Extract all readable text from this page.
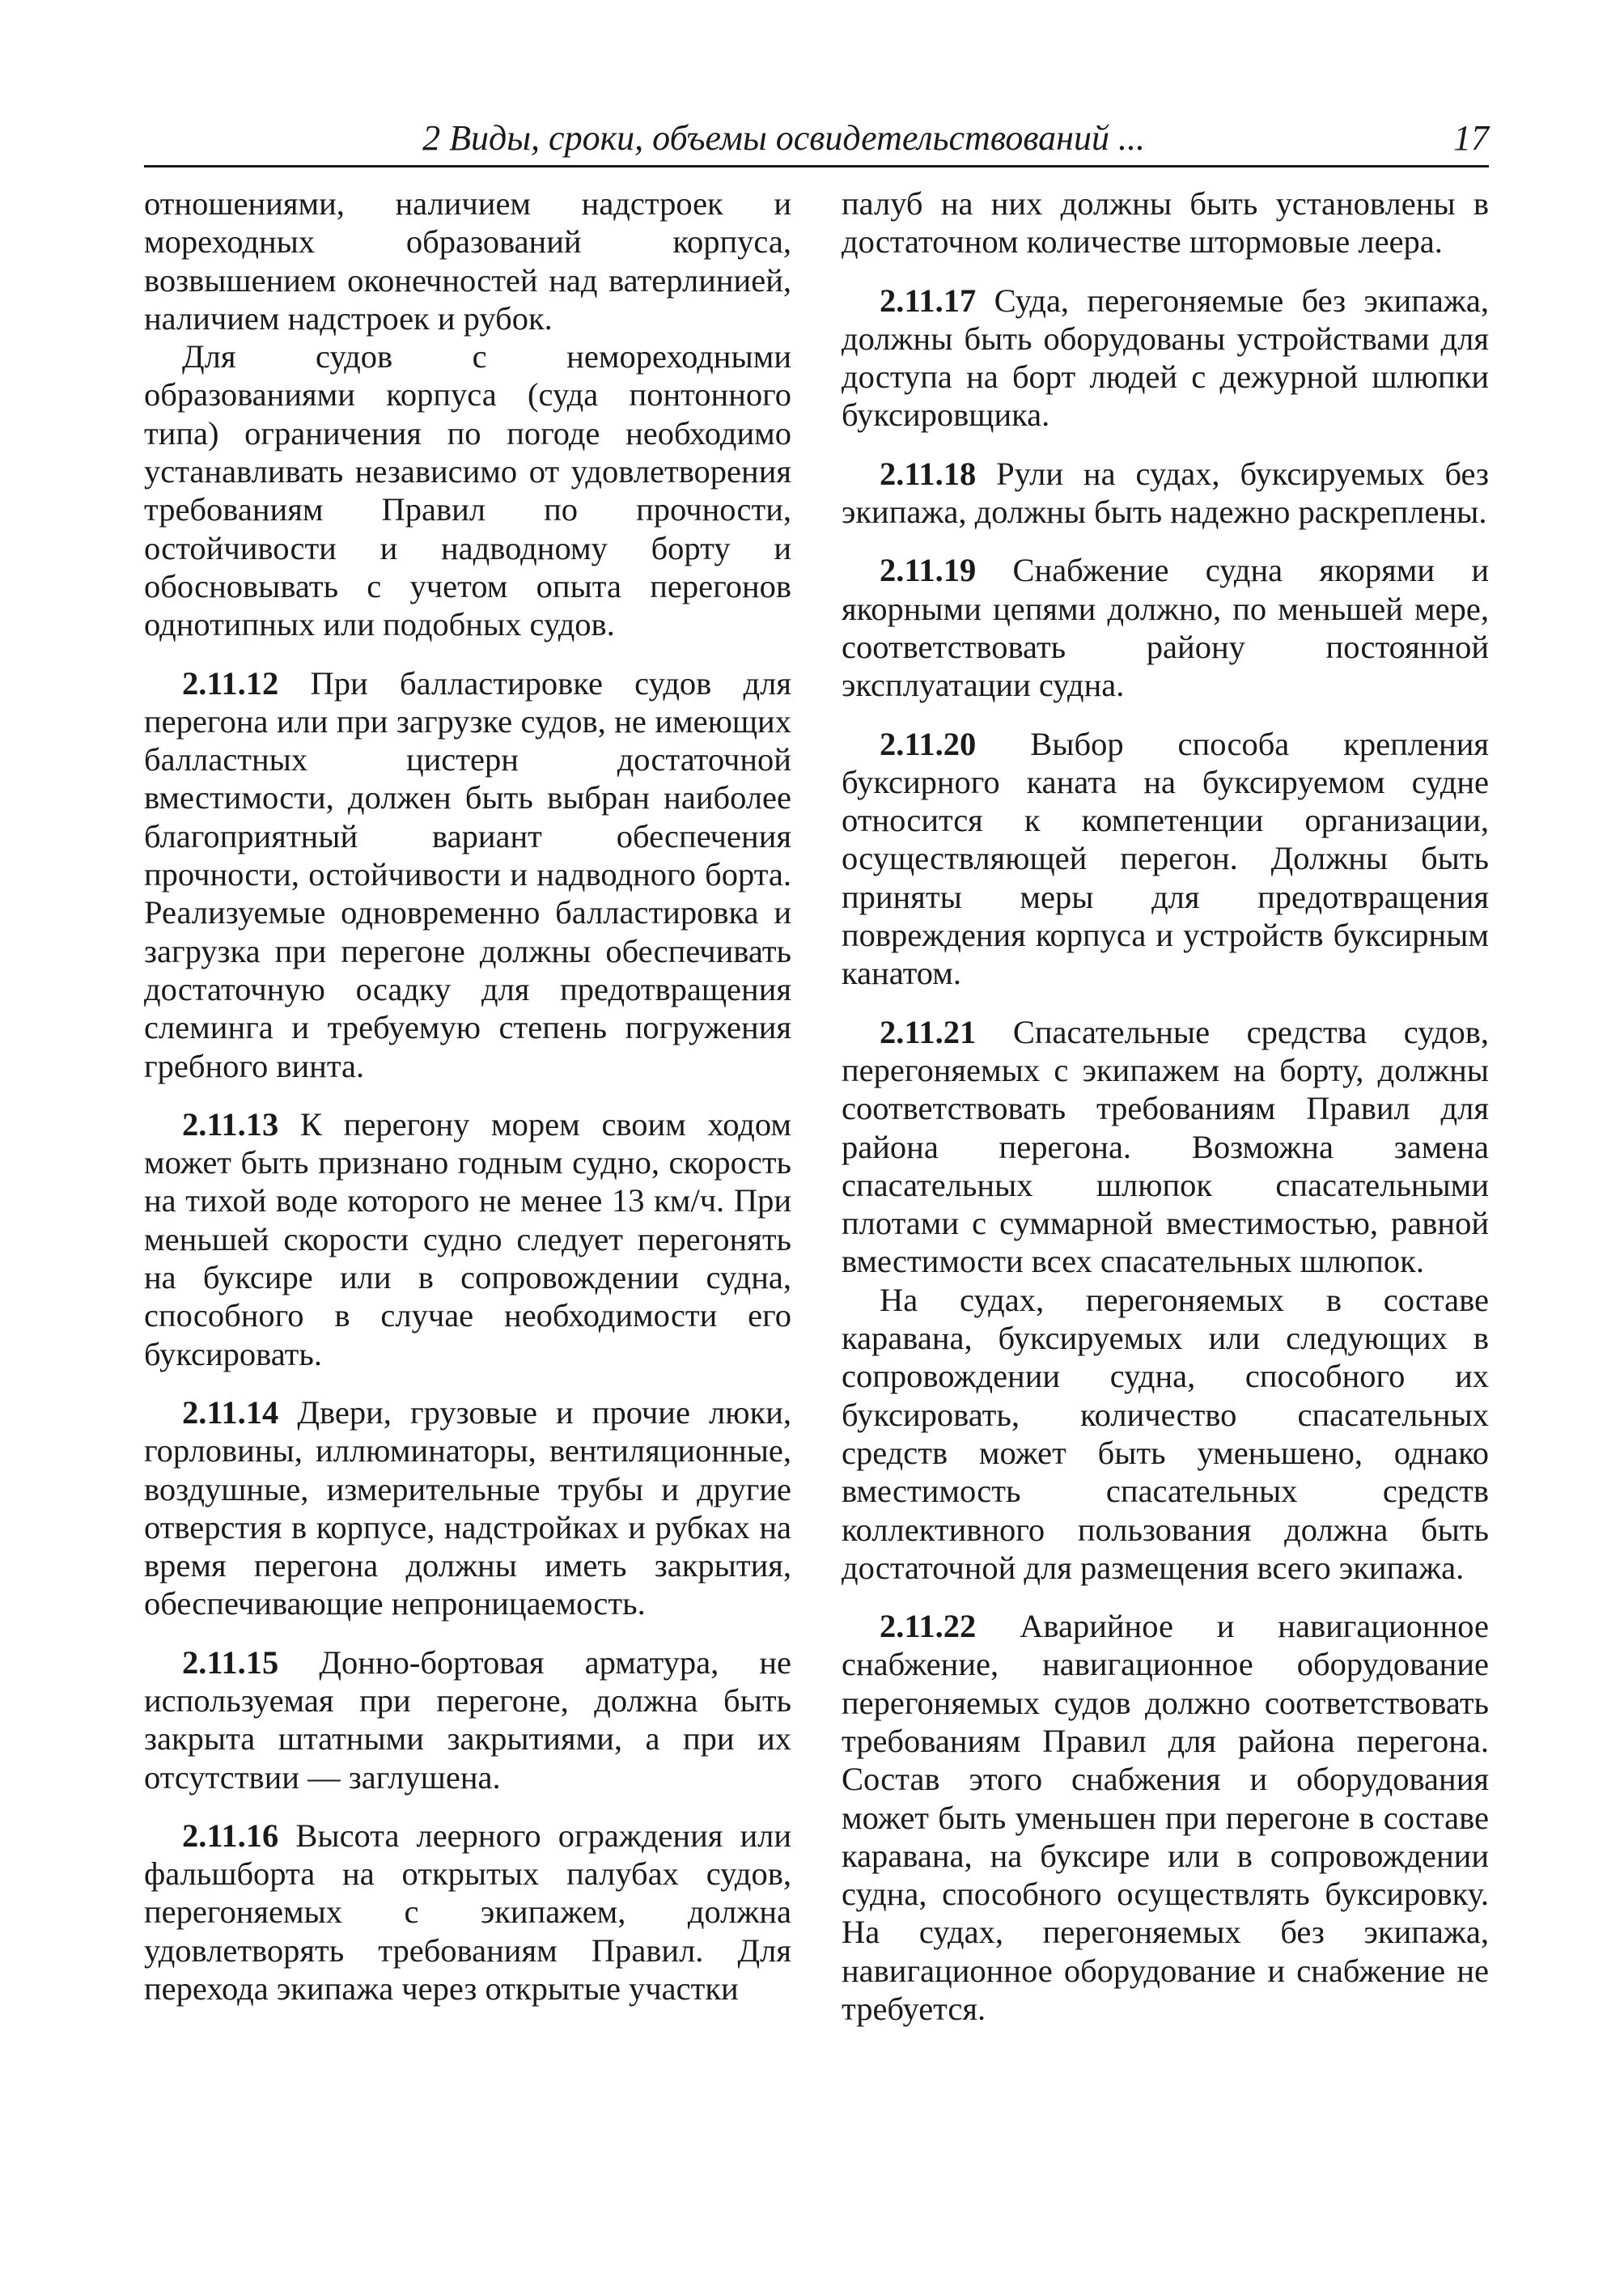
2 Виды, сроки, объемы освидетельствований ...	17

отношениями, наличием надстроек и мореходных образований корпуса, возвышением оконечностей над ватерлинией, наличием надстроек и рубок.

Для судов с немореходными образованиями корпуса (суда понтонного типа) ограничения по погоде необходимо устанавливать независимо от удовлетворения требованиям Правил по прочности, остойчивости и надводному борту и обосновывать с учетом опыта перегонов однотипных или подобных судов.

2.11.12 При балластировке судов для перегона или при загрузке судов, не имеющих балластных цистерн достаточной вместимости, должен быть выбран наиболее благоприятный вариант обеспечения прочности, остойчивости и надводного борта. Реализуемые одновременно балластировка и загрузка при перегоне должны обеспечивать достаточную осадку для предотвращения слеминга и требуемую степень погружения гребного винта.

2.11.13 К перегону морем своим ходом может быть признано годным судно, скорость на тихой воде которого не менее 13 км/ч. При меньшей скорости судно следует перегонять на буксире или в сопровождении судна, способного в случае необходимости его буксировать.

2.11.14 Двери, грузовые и прочие люки, горловины, иллюминаторы, вентиляционные, воздушные, измерительные трубы и другие отверстия в корпусе, надстройках и рубках на время перегона должны иметь закрытия, обеспечивающие непроницаемость.

2.11.15 Донно-бортовая арматура, не используемая при перегоне, должна быть закрыта штатными закрытиями, а при их отсутствии — заглушена.

2.11.16 Высота леерного ограждения или фальшборта на открытых палубах судов, перегоняемых с экипажем, должна удовлетворять требованиям Правил. Для перехода экипажа через открытые участки

палуб на них должны быть установлены в достаточном количестве штормовые леера.

2.11.17 Суда, перегоняемые без экипажа, должны быть оборудованы устройствами для доступа на борт людей с дежурной шлюпки буксировщика.

2.11.18 Рули на судах, буксируемых без экипажа, должны быть надежно раскреплены.

2.11.19 Снабжение судна якорями и якорными цепями должно, по меньшей мере, соответствовать району постоянной эксплуатации судна.

2.11.20 Выбор способа крепления буксирного каната на буксируемом судне относится к компетенции организации, осуществляющей перегон. Должны быть приняты меры для предотвращения повреждения корпуса и устройств буксирным канатом.

2.11.21 Спасательные средства судов, перегоняемых с экипажем на борту, должны соответствовать требованиям Правил для района перегона. Возможна замена спасательных шлюпок спасательными плотами с суммарной вместимостью, равной вместимости всех спасательных шлюпок.

На судах, перегоняемых в составе каравана, буксируемых или следующих в сопровождении судна, способного их буксировать, количество спасательных средств может быть уменьшено, однако вместимость спасательных средств коллективного пользования должна быть достаточной для размещения всего экипажа.

2.11.22 Аварийное и навигационное снабжение, навигационное оборудование перегоняемых судов должно соответствовать требованиям Правил для района перегона. Состав этого снабжения и оборудования может быть уменьшен при перегоне в составе каравана, на буксире или в сопровождении судна, способного осуществлять буксировку. На судах, перегоняемых без экипажа, навигационное оборудование и снабжение не требуется.
